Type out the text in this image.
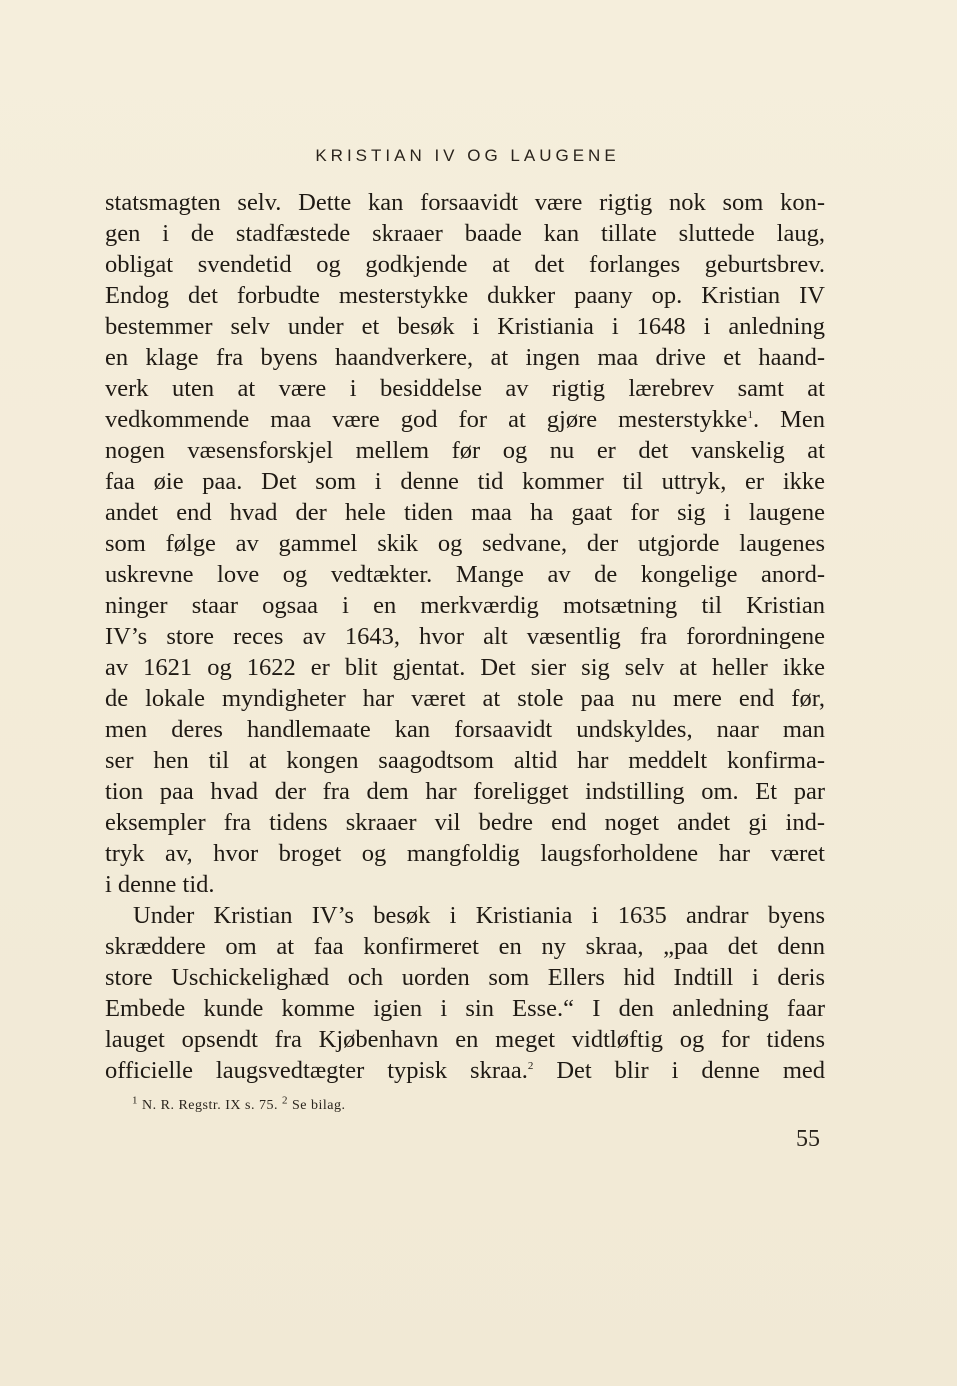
KRISTIAN IV OG LAUGENE
statsmagten selv. Dette kan forsaavidt være rigtig nok som kon-
gen i de stadfæstede skraaer baade kan tillate sluttede laug,
obligat svendetid og godkjende at det forlanges geburtsbrev.
Endog det forbudte mesterstykke dukker paany op. Kristian IV
bestemmer selv under et besøk i Kristiania i 1648 i anledning
en klage fra byens haandverkere, at ingen maa drive et haand-
verk uten at være i besiddelse av rigtig lærebrev samt at
vedkommende maa være god for at gjøre mesterstykke$^1$. Men
nogen væsensforskjel mellem før og nu er det vanskelig at
faa øie paa. Det som i denne tid kommer til uttryk, er ikke
andet end hvad der hele tiden maa ha gaat for sig i laugene
som følge av gammel skik og sedvane, der utgjorde laugenes
uskrevne love og vedtækter. Mange av de kongelige anord-
ninger staar ogsaa i en merkværdig motsætning til Kristian
IV’s store reces av 1643, hvor alt væsentlig fra forordningene
av 1621 og 1622 er blit gjentat. Det sier sig selv at heller ikke
de lokale myndigheter har været at stole paa nu mere end før,
men deres handlemaate kan forsaavidt undskyldes, naar man
ser hen til at kongen saagodtsom altid har meddelt konfirma-
tion paa hvad der fra dem har foreligget indstilling om. Et par
eksempler fra tidens skraaer vil bedre end noget andet gi ind-
tryk av, hvor broget og mangfoldig laugsforholdene har været
i denne tid.
Under Kristian IV’s besøk i Kristiania i 1635 andrar byens
skræddere om at faa konfirmeret en ny skraa, „paa det denn
store Uschickelighæd och uorden som Ellers hid Indtill i deris
Embede kunde komme igien i sin Esse.“ I den anledning faar
lauget opsendt fra Kjøbenhavn en meget vidtløftig og for tidens
officielle laugsvedtægter typisk skraa.$^2$ Det blir i denne med
$^1$ N. R. Regstr. IX s. 75. $^2$ Se bilag.
55
